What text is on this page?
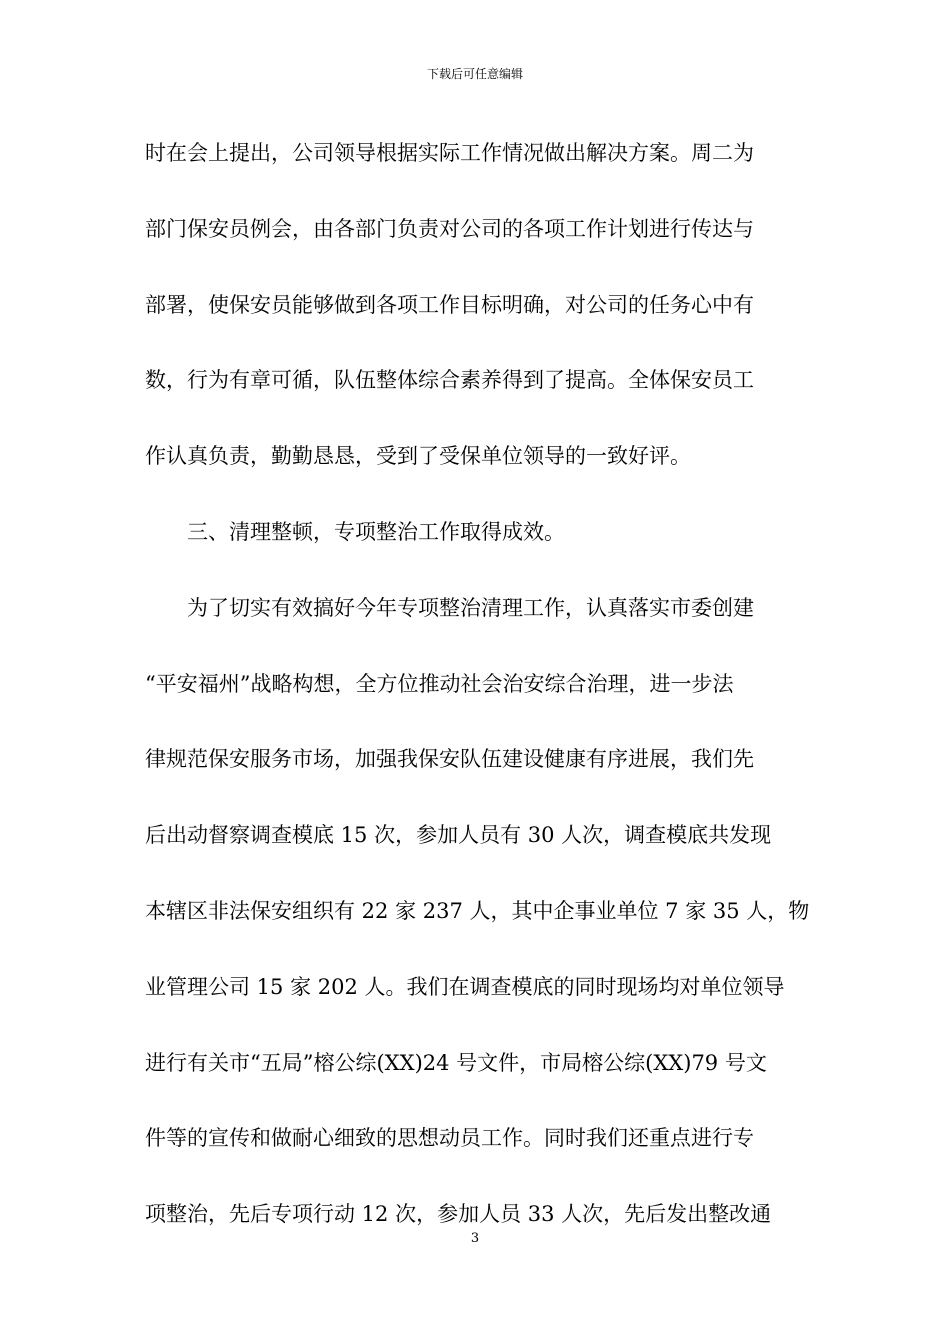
下载后可任意编辑
时在会上提出，公司领导根据实际工作情况做出解决方案。周二为
部门保安员例会，由各部门负责对公司的各项工作计划进行传达与
部署，使保安员能够做到各项工作目标明确，对公司的任务心中有
数，行为有章可循，队伍整体综合素养得到了提高。全体保安员工
作认真负责，勤勤恳恳，受到了受保单位领导的一致好评。
三、清理整顿，专项整治工作取得成效。
为了切实有效搞好今年专项整治清理工作，认真落实市委创建
“平安福州”战略构想，全方位推动社会治安综合治理，进一步法
律规范保安服务市场，加强我保安队伍建设健康有序进展，我们先
后出动督察调查模底 15 次，参加人员有 30 人次，调查模底共发现
本辖区非法保安组织有 22 家 237 人，其中企事业单位 7 家 35 人，物
业管理公司 15 家 202 人。我们在调查模底的同时现场均对单位领导
进行有关市“五局”榕公综(XX)24 号文件，市局榕公综(XX)79 号文
件等的宣传和做耐心细致的思想动员工作。同时我们还重点进行专
项整治，先后专项行动 12 次，参加人员 33 人次，先后发出整改通
3
